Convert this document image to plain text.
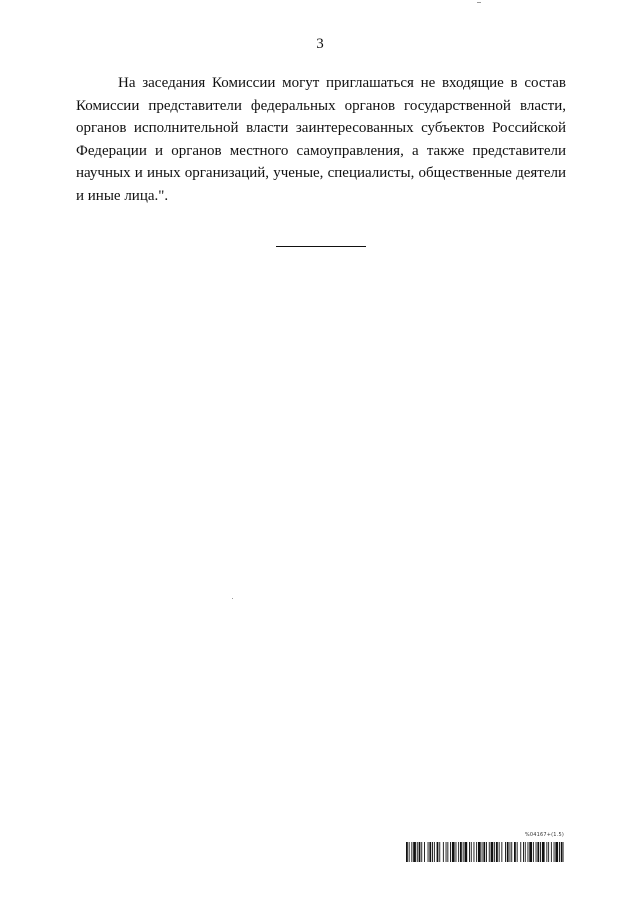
3

На заседания Комиссии могут приглашаться не входящие в состав Комиссии представители федеральных органов государственной власти, органов исполнительной власти заинтересованных субъектов Российской Федерации и органов местного самоуправления, а также представители научных и иных организаций, ученые, специалисты, общественные деятели и иные лица.".

%04167+(1.5)
